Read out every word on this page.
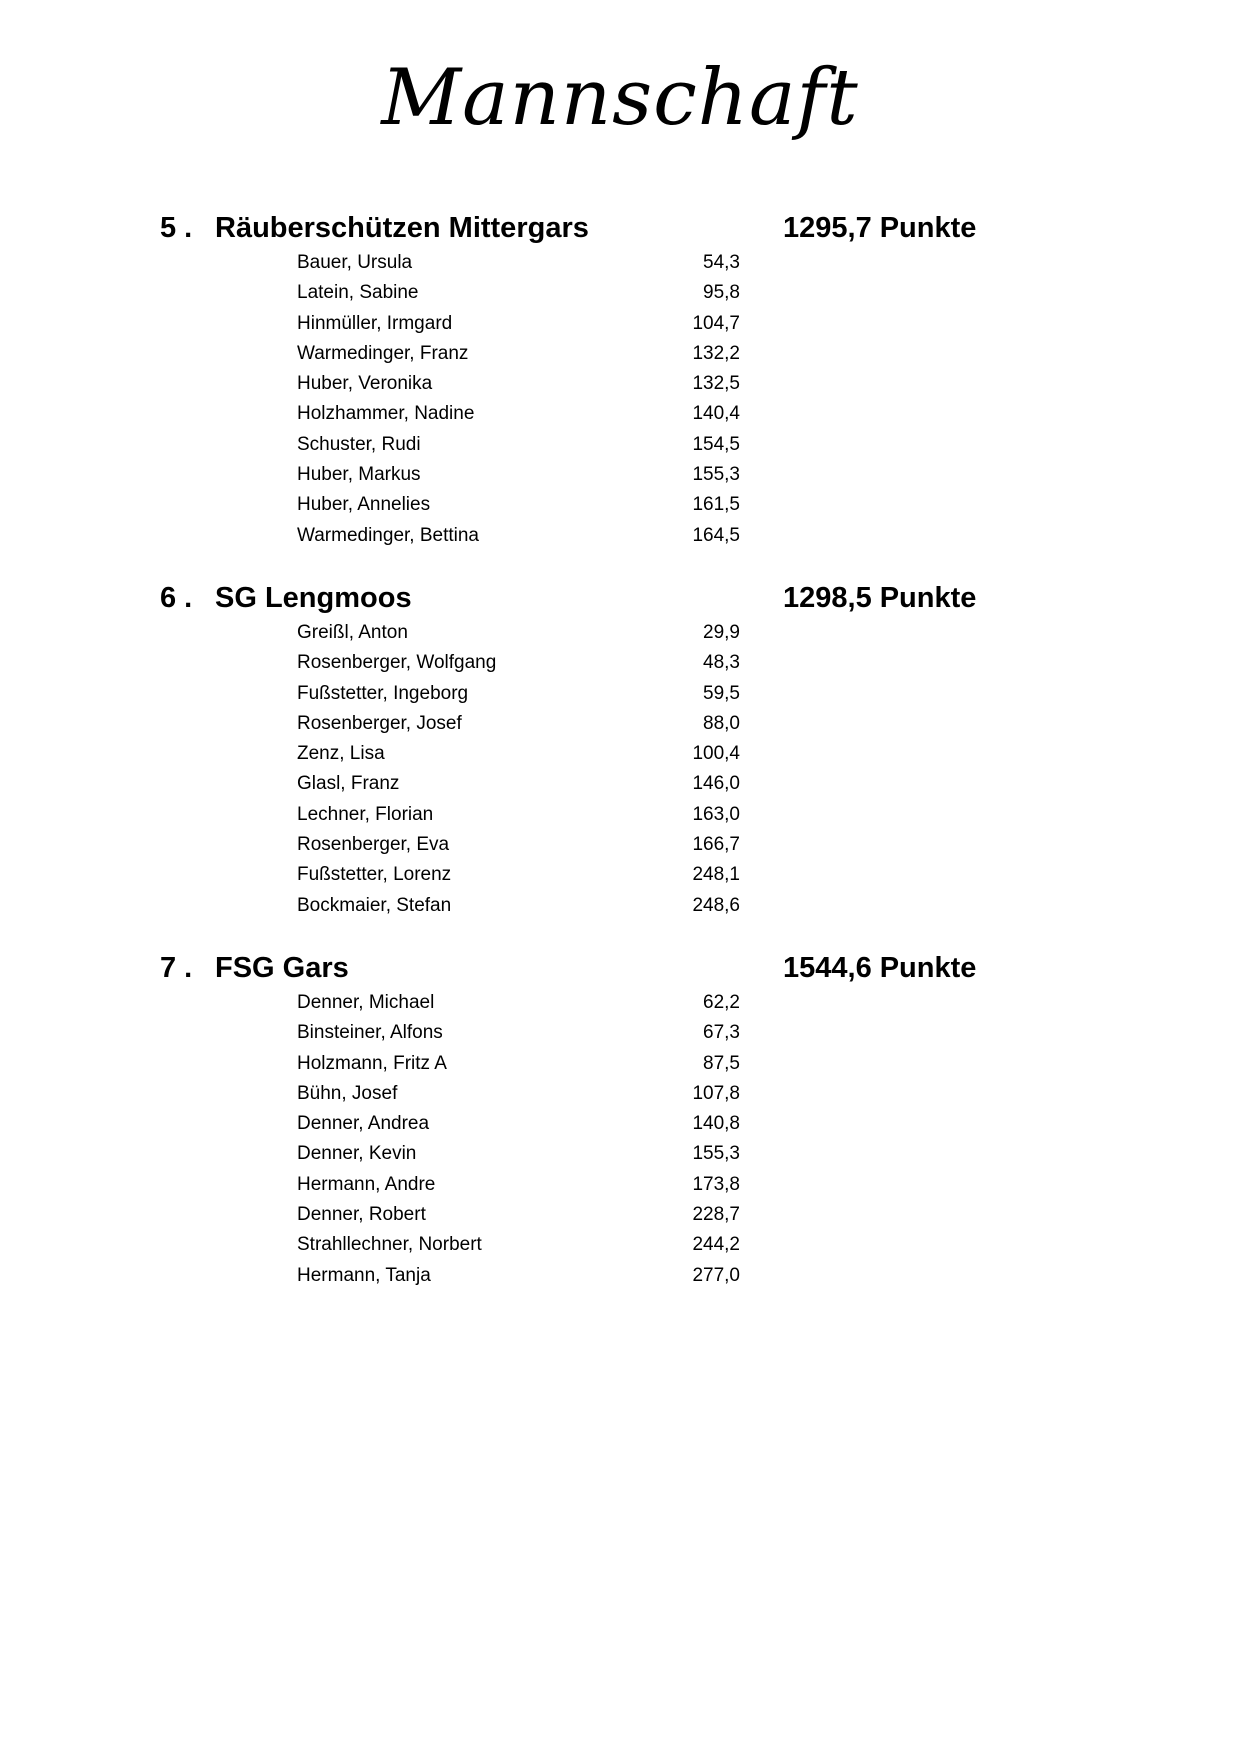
Mannschaft
5 . Räuberschützen Mittergars	1295,7 Punkte
Bauer, Ursula	54,3
Latein, Sabine	95,8
Hinmüller, Irmgard	104,7
Warmedinger, Franz	132,2
Huber, Veronika	132,5
Holzhammer, Nadine	140,4
Schuster, Rudi	154,5
Huber, Markus	155,3
Huber, Annelies	161,5
Warmedinger, Bettina	164,5
6 . SG Lengmoos	1298,5 Punkte
Greißl, Anton	29,9
Rosenberger, Wolfgang	48,3
Fußstetter, Ingeborg	59,5
Rosenberger, Josef	88,0
Zenz, Lisa	100,4
Glasl, Franz	146,0
Lechner, Florian	163,0
Rosenberger, Eva	166,7
Fußstetter, Lorenz	248,1
Bockmaier, Stefan	248,6
7 . FSG Gars	1544,6 Punkte
Denner, Michael	62,2
Binsteiner, Alfons	67,3
Holzmann, Fritz A	87,5
Bühn, Josef	107,8
Denner, Andrea	140,8
Denner, Kevin	155,3
Hermann, Andre	173,8
Denner, Robert	228,7
Strahllechner, Norbert	244,2
Hermann, Tanja	277,0
